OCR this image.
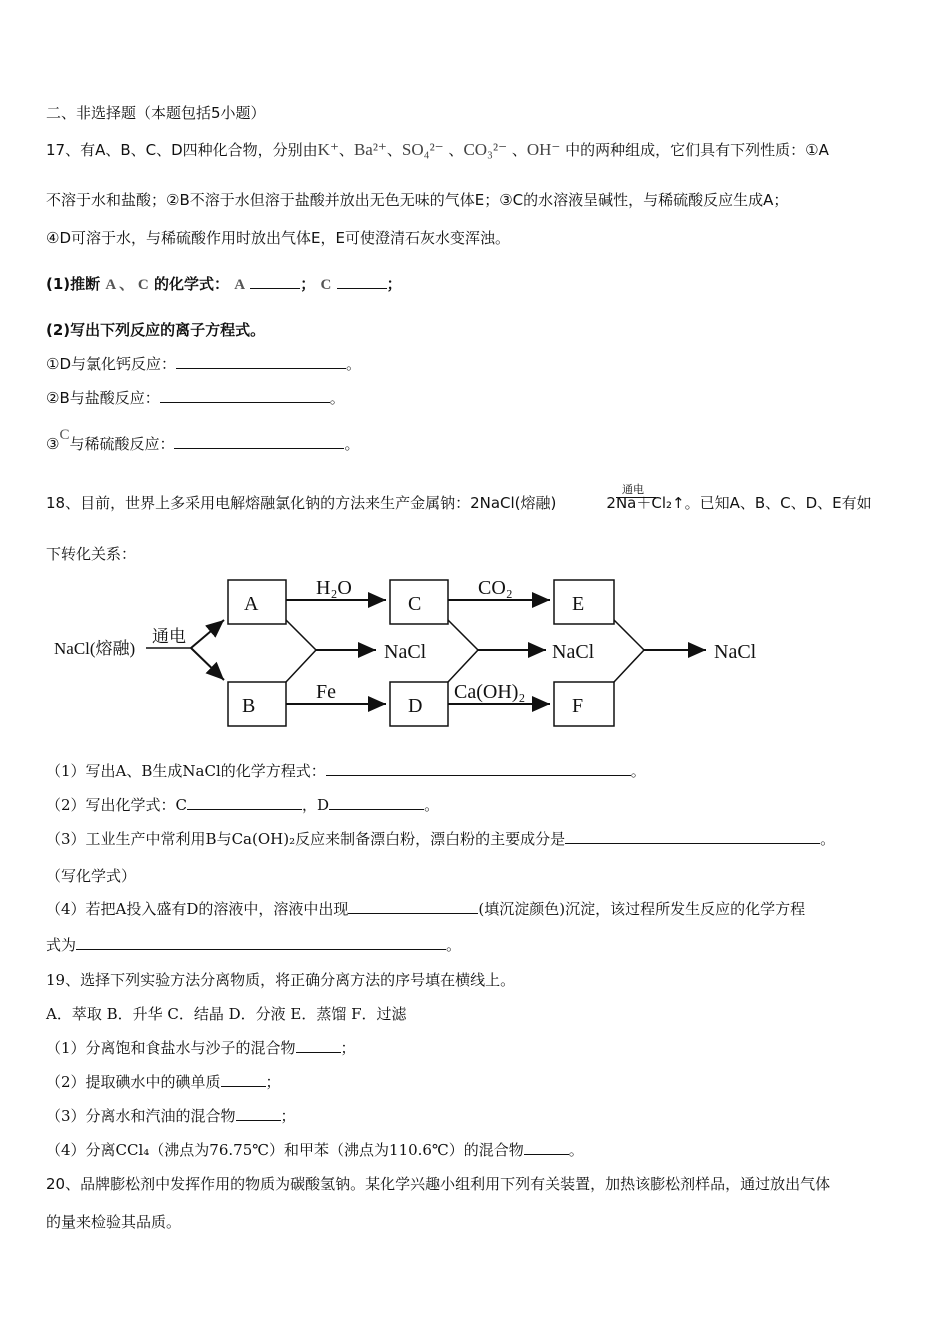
二、非选择题（本题包括5小题）
17、有A、B、C、D四种化合物，分别由K⁺、Ba²⁺、SO₄²⁻ 、CO₃²⁻ 、OH⁻ 中的两种组成，它们具有下列性质：①A
不溶于水和盐酸；②B不溶于水但溶于盐酸并放出无色无味的气体E；③C的水溶液呈碱性，与稀硫酸反应生成A；
④D可溶于水，与稀硫酸作用时放出气体E，E可使澄清石灰水变浑浊。
(1)推断 A 、 C 的化学式： A	； C	；
(2)写出下列反应的离子方程式。
①D与氯化钙反应：	。
②B与盐酸反应：	。
③C与稀硫酸反应：	。
通电
18、目前，世界上多采用电解熔融氯化钠的方法来生产金属钠：2NaCl(熔融)	2Na＋Cl₂↑。已知A、B、C、D、E有如
下转化关系：
NaCl(熔融)
通电
A	C	E
B	D	F
H₂O	CO₂
Fe	Ca(OH)₂
NaCl	NaCl	NaCl
（1）写出A、B生成NaCl的化学方程式：	。
（2）写出化学式：C	，D	。
（3）工业生产中常利用B与Ca(OH)₂反应来制备漂白粉，漂白粉的主要成分是	。
（写化学式）
（4）若把A投入盛有D的溶液中，溶液中出现	(填沉淀颜色)沉淀，该过程所发生反应的化学方程
式为	。
19、选择下列实验方法分离物质，将正确分离方法的序号填在横线上。
A．萃取 B．升华 C．结晶 D．分液 E．蒸馏 F．过滤
（1）分离饱和食盐水与沙子的混合物	；
（2）提取碘水中的碘单质	；
（3）分离水和汽油的混合物	；
（4）分离CCl₄（沸点为76.75℃）和甲苯（沸点为110.6℃）的混合物	。
20、品牌膨松剂中发挥作用的物质为碳酸氢钠。某化学兴趣小组利用下列有关装置，加热该膨松剂样品，通过放出气体
的量来检验其品质。
